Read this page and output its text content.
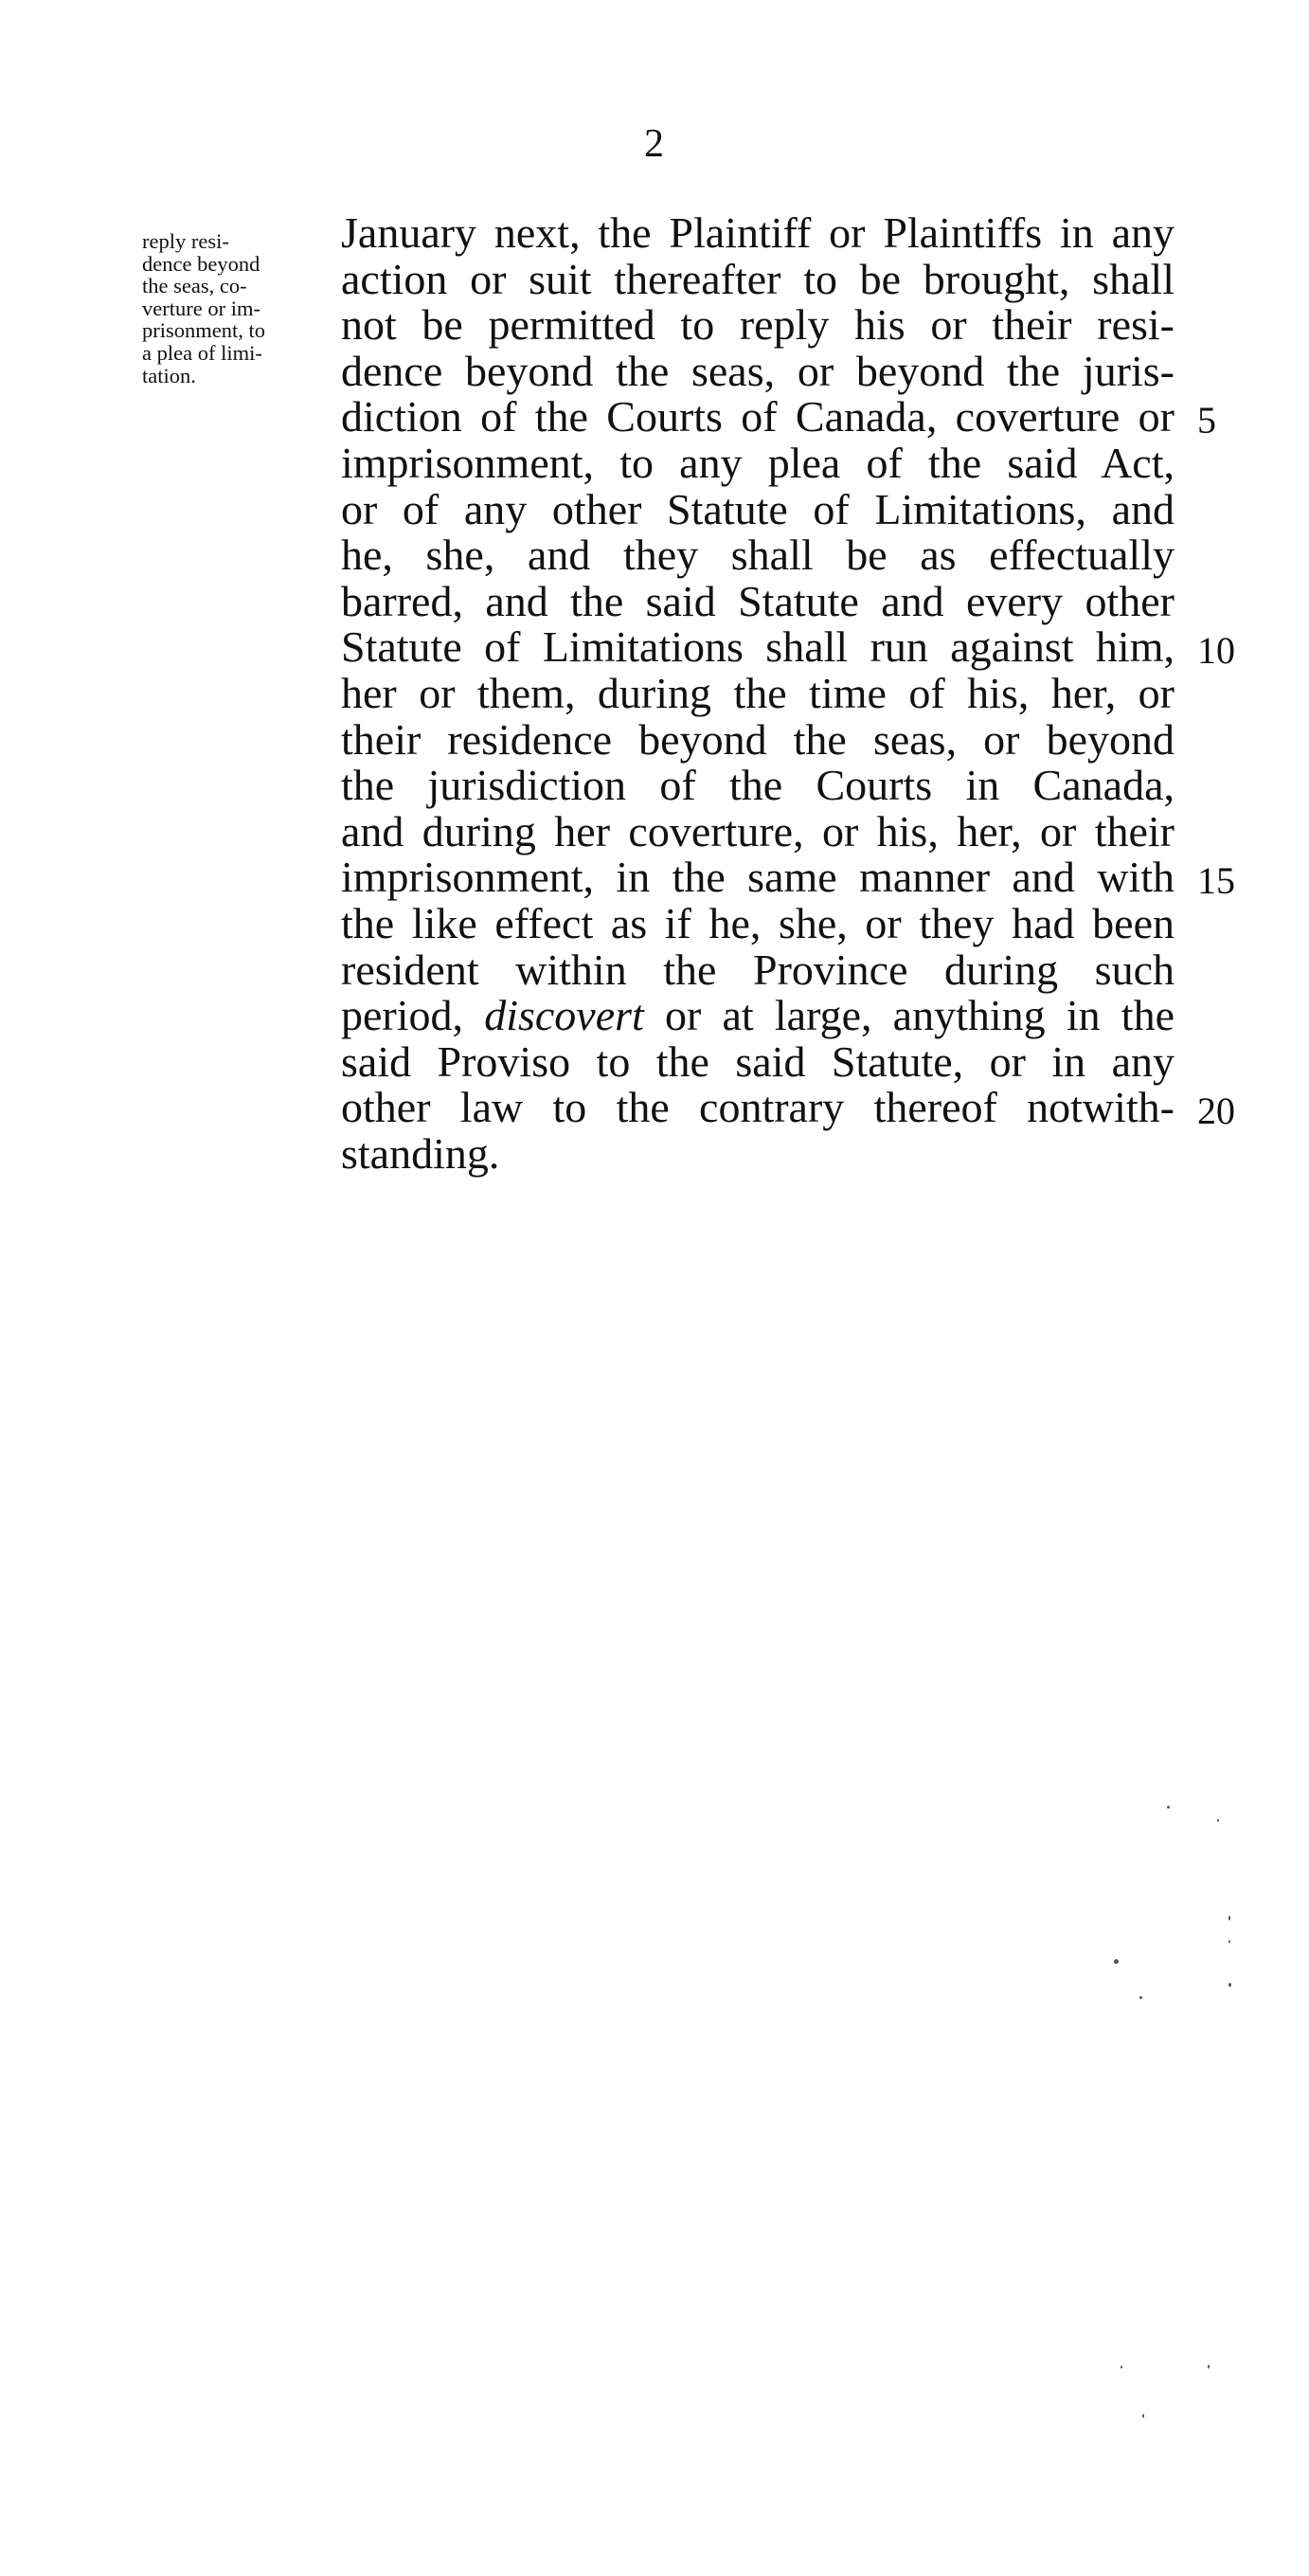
2
reply resi-
dence beyond
the seas, co-
verture or im-
prisonment, to
a plea of limi-
tation.
January next, the Plaintiff or Plaintiffs in any
action or suit thereafter to be brought, shall
not be permitted to reply his or their resi-
dence beyond the seas, or beyond the juris-
diction of the Courts of Canada, coverture or
imprisonment, to any plea of the said Act,
or of any other Statute of Limitations, and
he, she, and they shall be as effectually
barred, and the said Statute and every other
Statute of Limitations shall run against him,
her or them, during the time of his, her, or
their residence beyond the seas, or beyond
the jurisdiction of the Courts in Canada,
and during her coverture, or his, her, or their
imprisonment, in the same manner and with
the like effect as if he, she, or they had been
resident within the Province during such
period, discovert or at large, anything in the
said Proviso to the said Statute, or in any
other law to the contrary thereof notwith-
standing.
5
10
15
20
